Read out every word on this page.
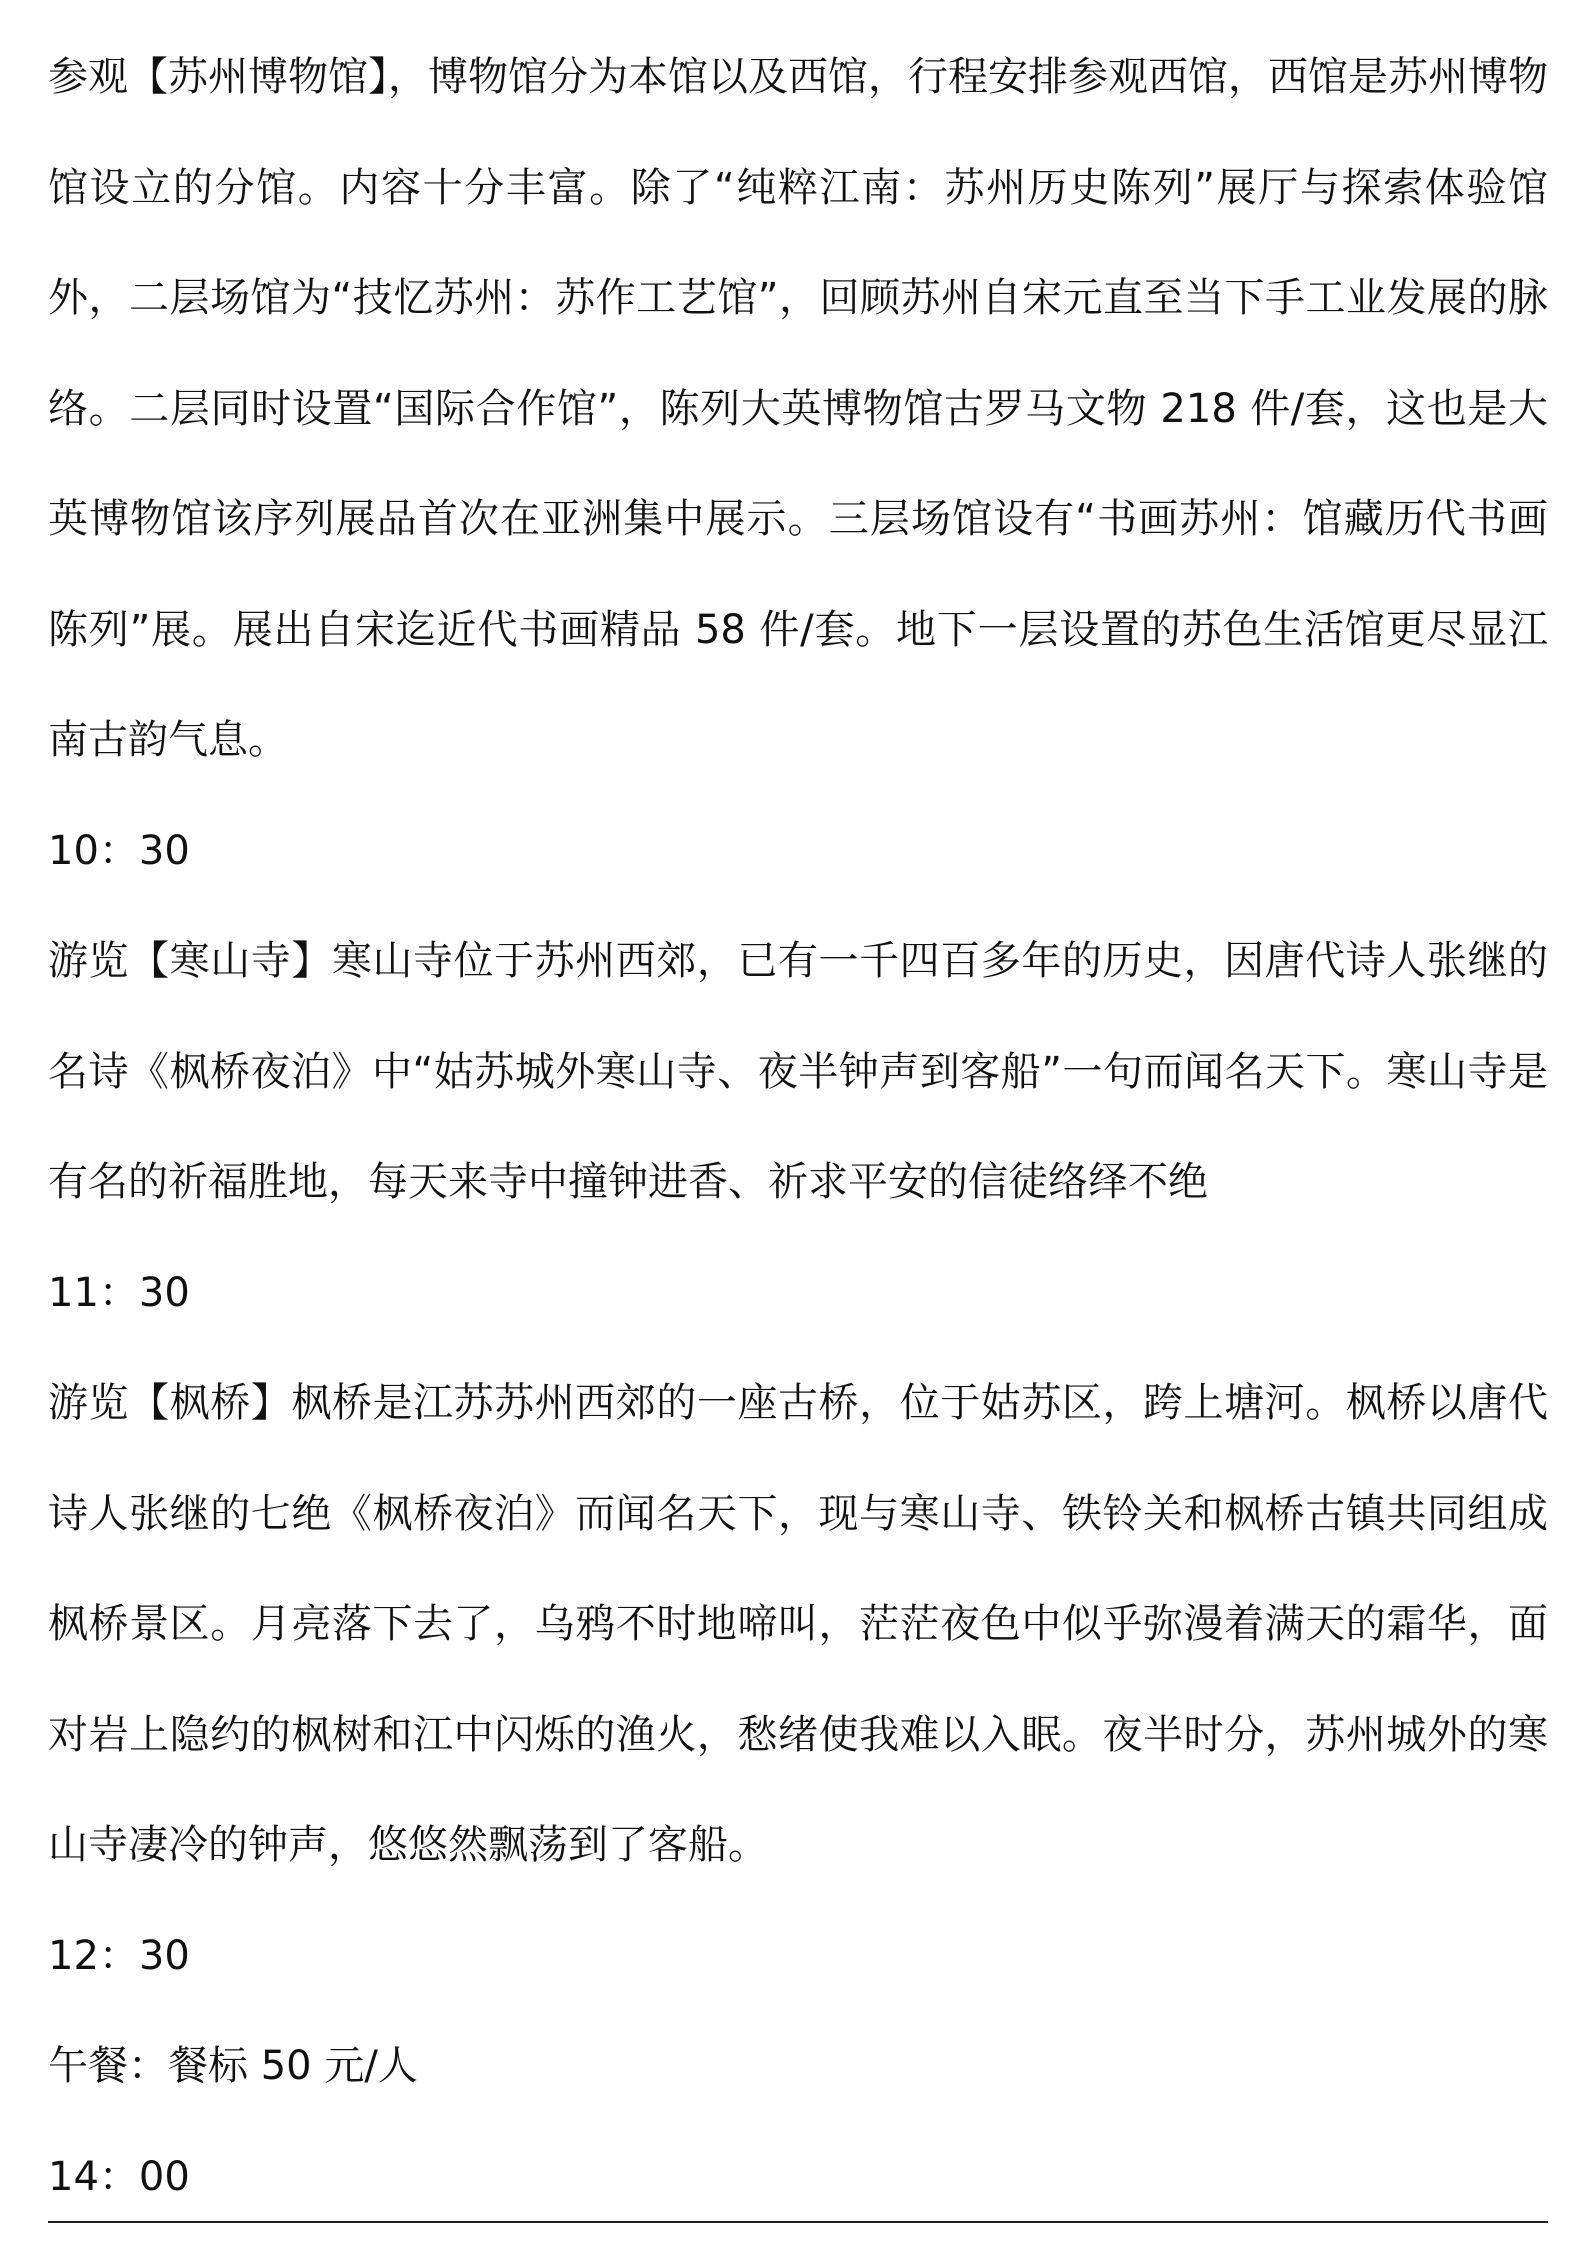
参观【苏州博物馆】，博物馆分为本馆以及西馆，行程安排参观西馆，西馆是苏州博物馆设立的分馆。内容十分丰富。除了“纯粹江南：苏州历史陈列”展厅与探索体验馆外，二层场馆为“技忆苏州：苏作工艺馆”，回顾苏州自宋元直至当下手工业发展的脉络。二层同时设置“国际合作馆”，陈列大英博物馆古罗马文物 218 件/套，这也是大英博物馆该序列展品首次在亚洲集中展示。三层场馆设有“书画苏州：馆藏历代书画陈列”展。展出自宋迄近代书画精品 58 件/套。地下一层设置的苏色生活馆更尽显江南古韵气息。

10：30

游览【寒山寺】寒山寺位于苏州西郊，已有一千四百多年的历史，因唐代诗人张继的名诗《枫桥夜泊》中“姑苏城外寒山寺、夜半钟声到客船”一句而闻名天下。寒山寺是有名的祈福胜地，每天来寺中撞钟进香、祈求平安的信徒络绎不绝

11：30

游览【枫桥】枫桥是江苏苏州西郊的一座古桥，位于姑苏区，跨上塘河。枫桥以唐代诗人张继的七绝《枫桥夜泊》而闻名天下，现与寒山寺、铁铃关和枫桥古镇共同组成枫桥景区。月亮落下去了，乌鸦不时地啼叫，茫茫夜色中似乎弥漫着满天的霜华，面对岩上隐约的枫树和江中闪烁的渔火，愁绪使我难以入眠。夜半时分，苏州城外的寒山寺凄冷的钟声，悠悠然飘荡到了客船。

12：30

午餐：餐标 50 元/人

14：00
